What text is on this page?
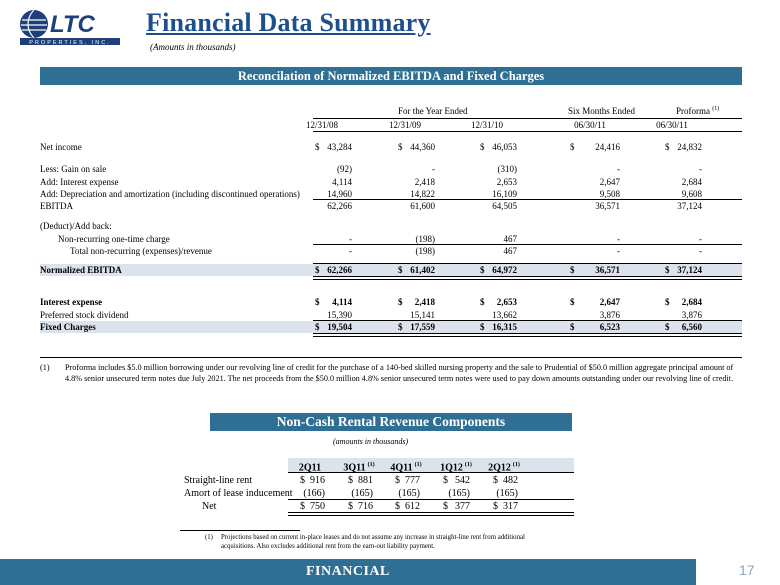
LTC
PROPERTIES, INC.
Financial Data Summary
(Amounts in thousands)
Reconcilation of Normalized EBITDA and Fixed Charges
For the Year Ended	Six Months Ended	Proforma $^{(1)}$
12/31/08	12/31/09	12/31/10	06/30/11	06/30/11
Net income	$ 43,284	$ 44,360	$ 46,053	$	24,416	$ 24,832
Less: Gain on sale	(92)	-	(310)	-	-
Add: Interest expense	4,114	2,418	2,653	2,647	2,684
Add: Depreciation and amortization (including discontinued operations)	14,960	14,822	16,109	9,508	9,608
EBITDA	62,266	61,600	64,505	36,571	37,124
(Deduct)/Add back:
Non-recurring one-time charge	-	(198)	467	-	-
Total non-recurring (expenses)/revenue	-	(198)	467	-	-
Normalized EBITDA	$ 62,266	$ 61,402	$ 64,972	$	36,571	$ 37,124
Interest expense	$	4,114	$	2,418	$	2,653	$	2,647	$	2,684
Preferred stock dividend	15,390	15,141	13,662	3,876	3,876
Fixed Charges	$ 19,504	$ 17,559	$ 16,315	$	6,523	$	6,560
(1) Proforma includes $5.0 million borrowing under our revolving line of credit for the purchase of a 140-bed skilled nursing property and the sale to Prudential of $50.0 million aggregate principal amount of 4.8% senior unsecured term notes due July 2021. The net proceeds from the $50.0 million 4.8% senior unsecured term notes were used to pay down amounts outstanding under our revolving line of credit.
Non-Cash Rental Revenue Components
(amounts in thousands)
2Q11	3Q11 $^{(1)}$	4Q11 $^{(1)}$	1Q12 $^{(1)}$	2Q12 $^{(1)}$
Straight-line rent	$ 916 $ 881 $ 777 $ 542 $ 482
Amort of lease inducement	(166)	(165)	(165)	(165)	(165)
Net	$ 750 $ 716 $ 612 $ 377 $ 317
(1) Projections based on current in-place leases and do not assume any increase in straight-line rent from additional acquisitions. Also excludes additional rent from the earn-out liability payment.
FINANCIAL	17
